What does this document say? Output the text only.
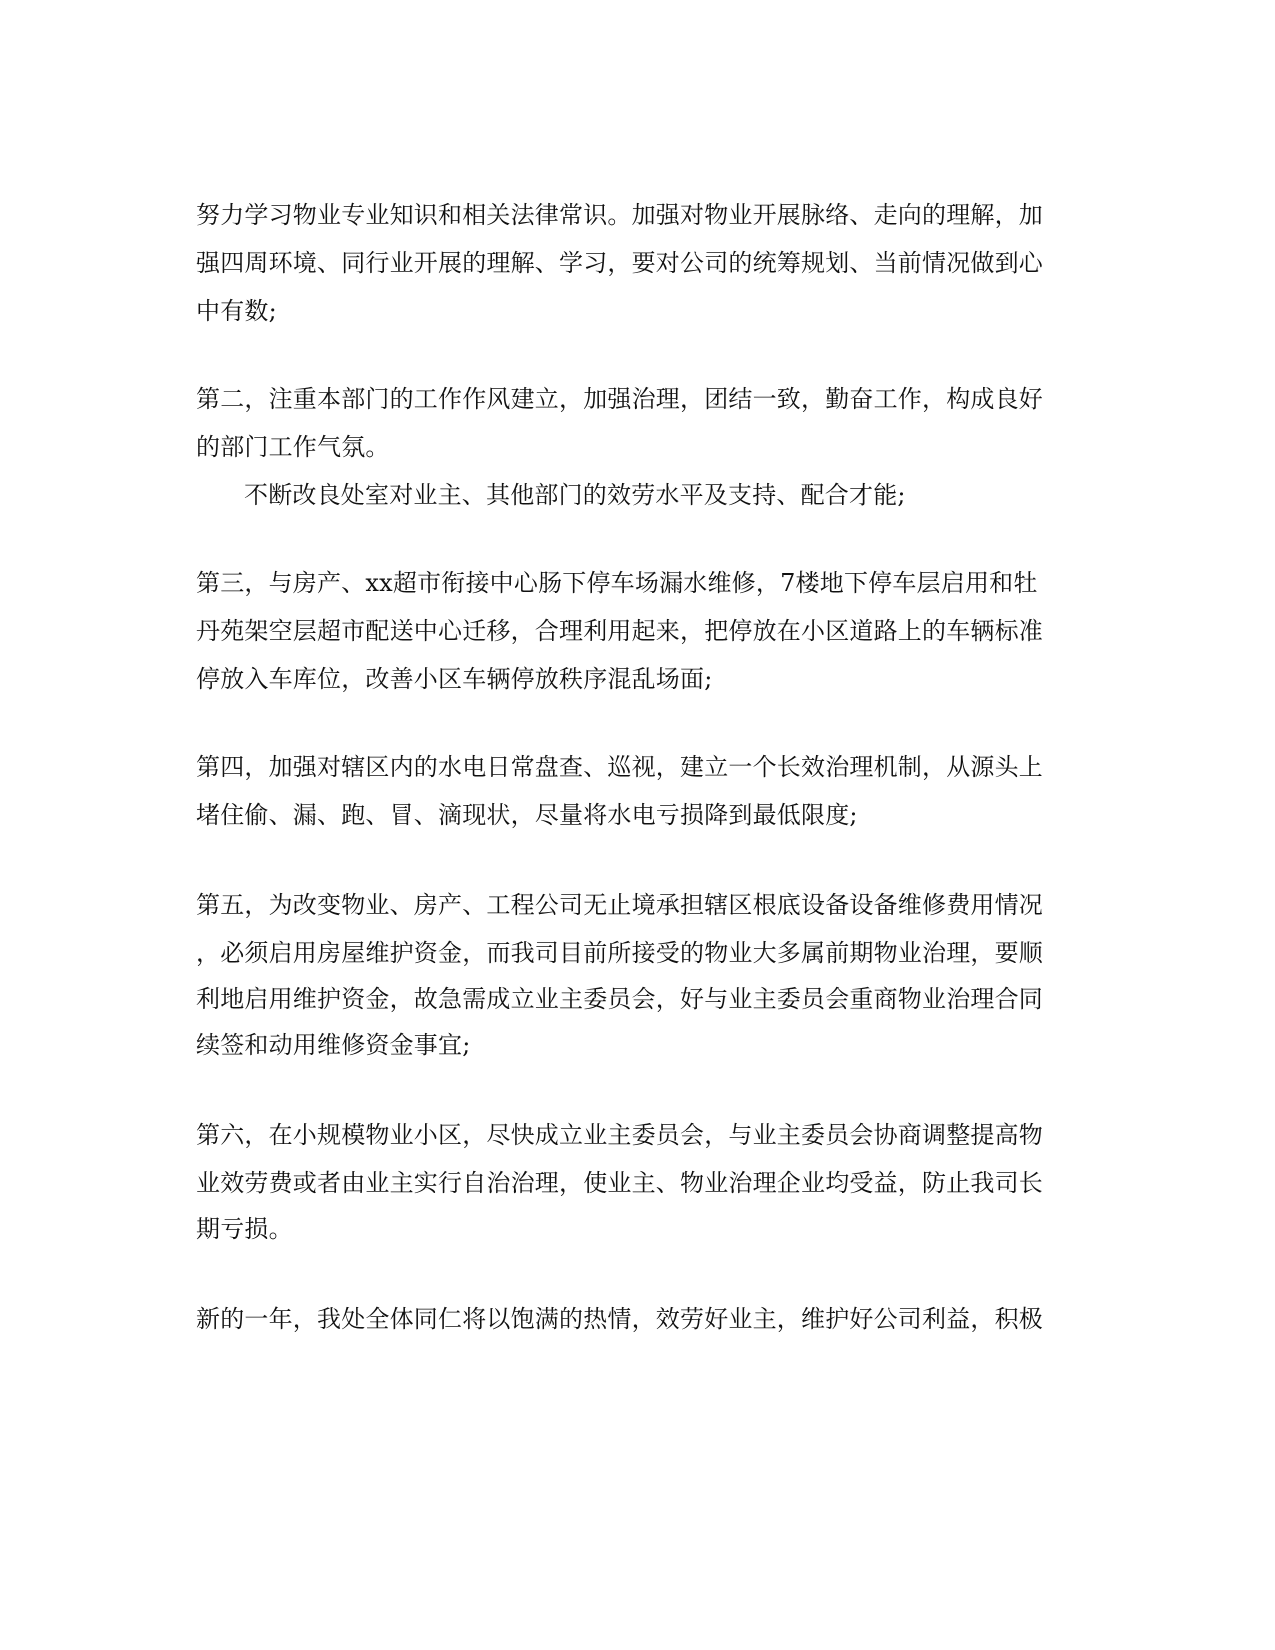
努力学习物业专业知识和相关法律常识。加强对物业开展脉络、走向的理解，加
强四周环境、同行业开展的理解、学习，要对公司的统筹规划、当前情况做到心
中有数;
第二，注重本部门的工作作风建立，加强治理，团结一致，勤奋工作，构成良好
的部门工作气氛。
不断改良处室对业主、其他部门的效劳水平及支持、配合才能;
第三，与房产、xx超市衔接中心肠下停车场漏水维修，7楼地下停车层启用和牡
丹苑架空层超市配送中心迁移，合理利用起来，把停放在小区道路上的车辆标准
停放入车库位，改善小区车辆停放秩序混乱场面;
第四，加强对辖区内的水电日常盘查、巡视，建立一个长效治理机制，从源头上
堵住偷、漏、跑、冒、滴现状，尽量将水电亏损降到最低限度;
第五，为改变物业、房产、工程公司无止境承担辖区根底设备设备维修费用情况
，必须启用房屋维护资金，而我司目前所接受的物业大多属前期物业治理，要顺
利地启用维护资金，故急需成立业主委员会，好与业主委员会重商物业治理合同
续签和动用维修资金事宜;
第六，在小规模物业小区，尽快成立业主委员会，与业主委员会协商调整提高物
业效劳费或者由业主实行自治治理，使业主、物业治理企业均受益，防止我司长
期亏损。
新的一年，我处全体同仁将以饱满的热情，效劳好业主，维护好公司利益，积极
